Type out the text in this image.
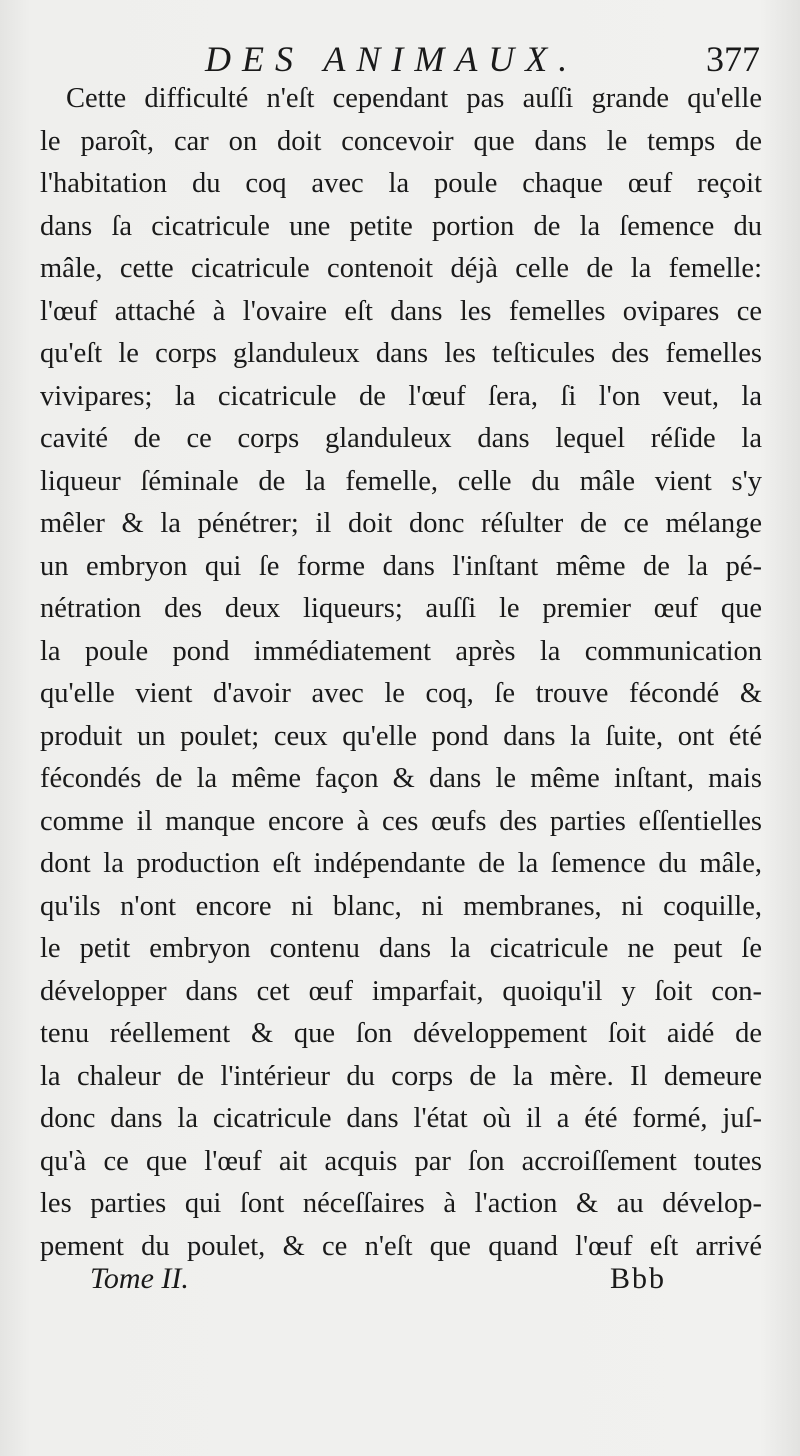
DES ANIMAUX.	377
Cette difficulté n'eſt cependant pas auſſi grande qu'elle
le paroît, car on doit concevoir que dans le temps de
l'habitation du coq avec la poule chaque œuf reçoit
dans ſa cicatricule une petite portion de la ſemence du
mâle, cette cicatricule contenoit déjà celle de la femelle:
l'œuf attaché à l'ovaire eſt dans les femelles ovipares ce
qu'eſt le corps glanduleux dans les teſticules des femelles
vivipares; la cicatricule de l'œuf ſera, ſi l'on veut, la
cavité de ce corps glanduleux dans lequel réſide la
liqueur ſéminale de la femelle, celle du mâle vient s'y
mêler & la pénétrer; il doit donc réſulter de ce mélange
un embryon qui ſe forme dans l'inſtant même de la pé-
nétration des deux liqueurs; auſſi le premier œuf que
la poule pond immédiatement après la communication
qu'elle vient d'avoir avec le coq, ſe trouve fécondé &
produit un poulet; ceux qu'elle pond dans la ſuite, ont été
fécondés de la même façon & dans le même inſtant, mais
comme il manque encore à ces œufs des parties eſſentielles
dont la production eſt indépendante de la ſemence du mâle,
qu'ils n'ont encore ni blanc, ni membranes, ni coquille,
le petit embryon contenu dans la cicatricule ne peut ſe
développer dans cet œuf imparfait, quoiqu'il y ſoit con-
tenu réellement & que ſon développement ſoit aidé de
la chaleur de l'intérieur du corps de la mère. Il demeure
donc dans la cicatricule dans l'état où il a été formé, juſ-
qu'à ce que l'œuf ait acquis par ſon accroiſſement toutes
les parties qui ſont néceſſaires à l'action & au dévelop-
pement du poulet, & ce n'eſt que quand l'œuf eſt arrivé
Tome II.	Bbb
